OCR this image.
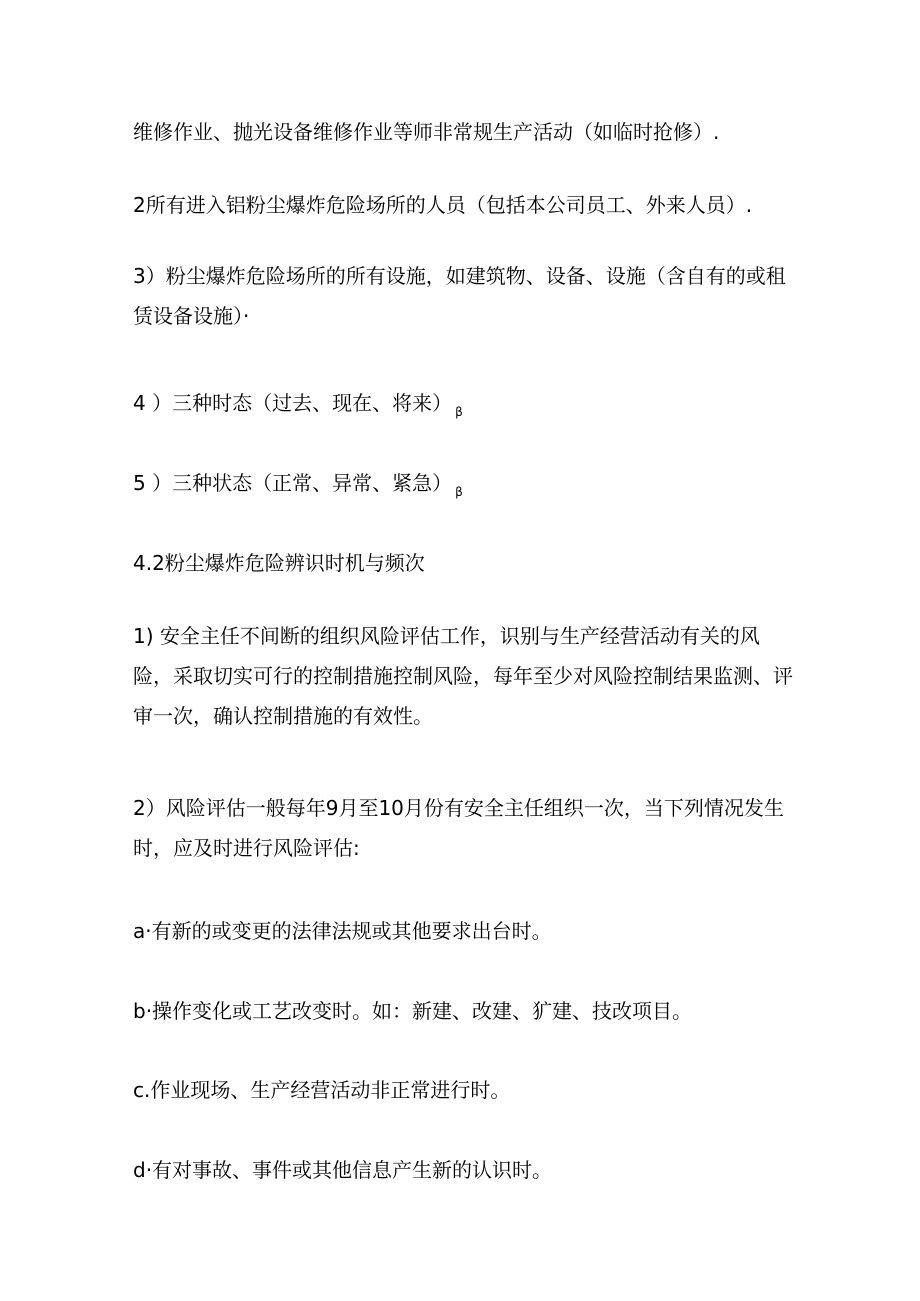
维修作业、抛光设备维修作业等师非常规生产活动（如临时抢修）.

2所有进入铝粉尘爆炸危险场所的人员（包括本公司员工、外来人员）.

3）粉尘爆炸危险场所的所有设施，如建筑物、设备、设施（含自有的或租赁设备设施）·

4 ）三种时态（过去、现在、将来） $_\beta$

5 ）三种状态（正常、异常、紧急） $_\beta$

4.2粉尘爆炸危险辨识时机与频次

1) 安全主任不间断的组织风险评估工作，识别与生产经营活动有关的风险，采取切实可行的控制措施控制风险，每年至少对风险控制结果监测、评审一次，确认控制措施的有效性。

2）风险评估一般每年9月至10月份有安全主任组织一次，当下列情况发生时，应及时进行风险评估:

a·有新的或变更的法律法规或其他要求出台时。

b·操作变化或工艺改变时。如：新建、改建、犷建、技改项目。

c.作业现场、生产经营活动非正常进行时。

d·有对事故、事件或其他信息产生新的认识时。
